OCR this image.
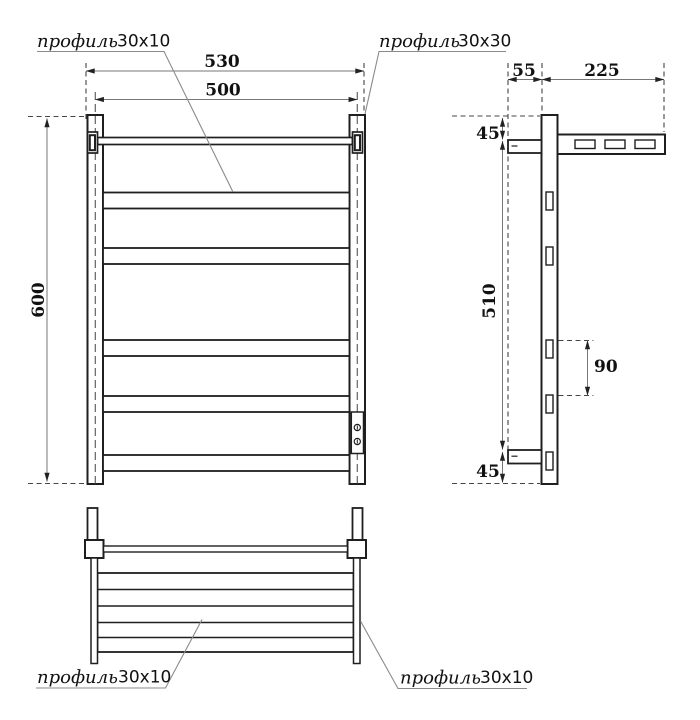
530
500
600
55	225
45
510
45
90
профиль 30x10	профиль
30x30
профиль 30x10	профиль 30x10
